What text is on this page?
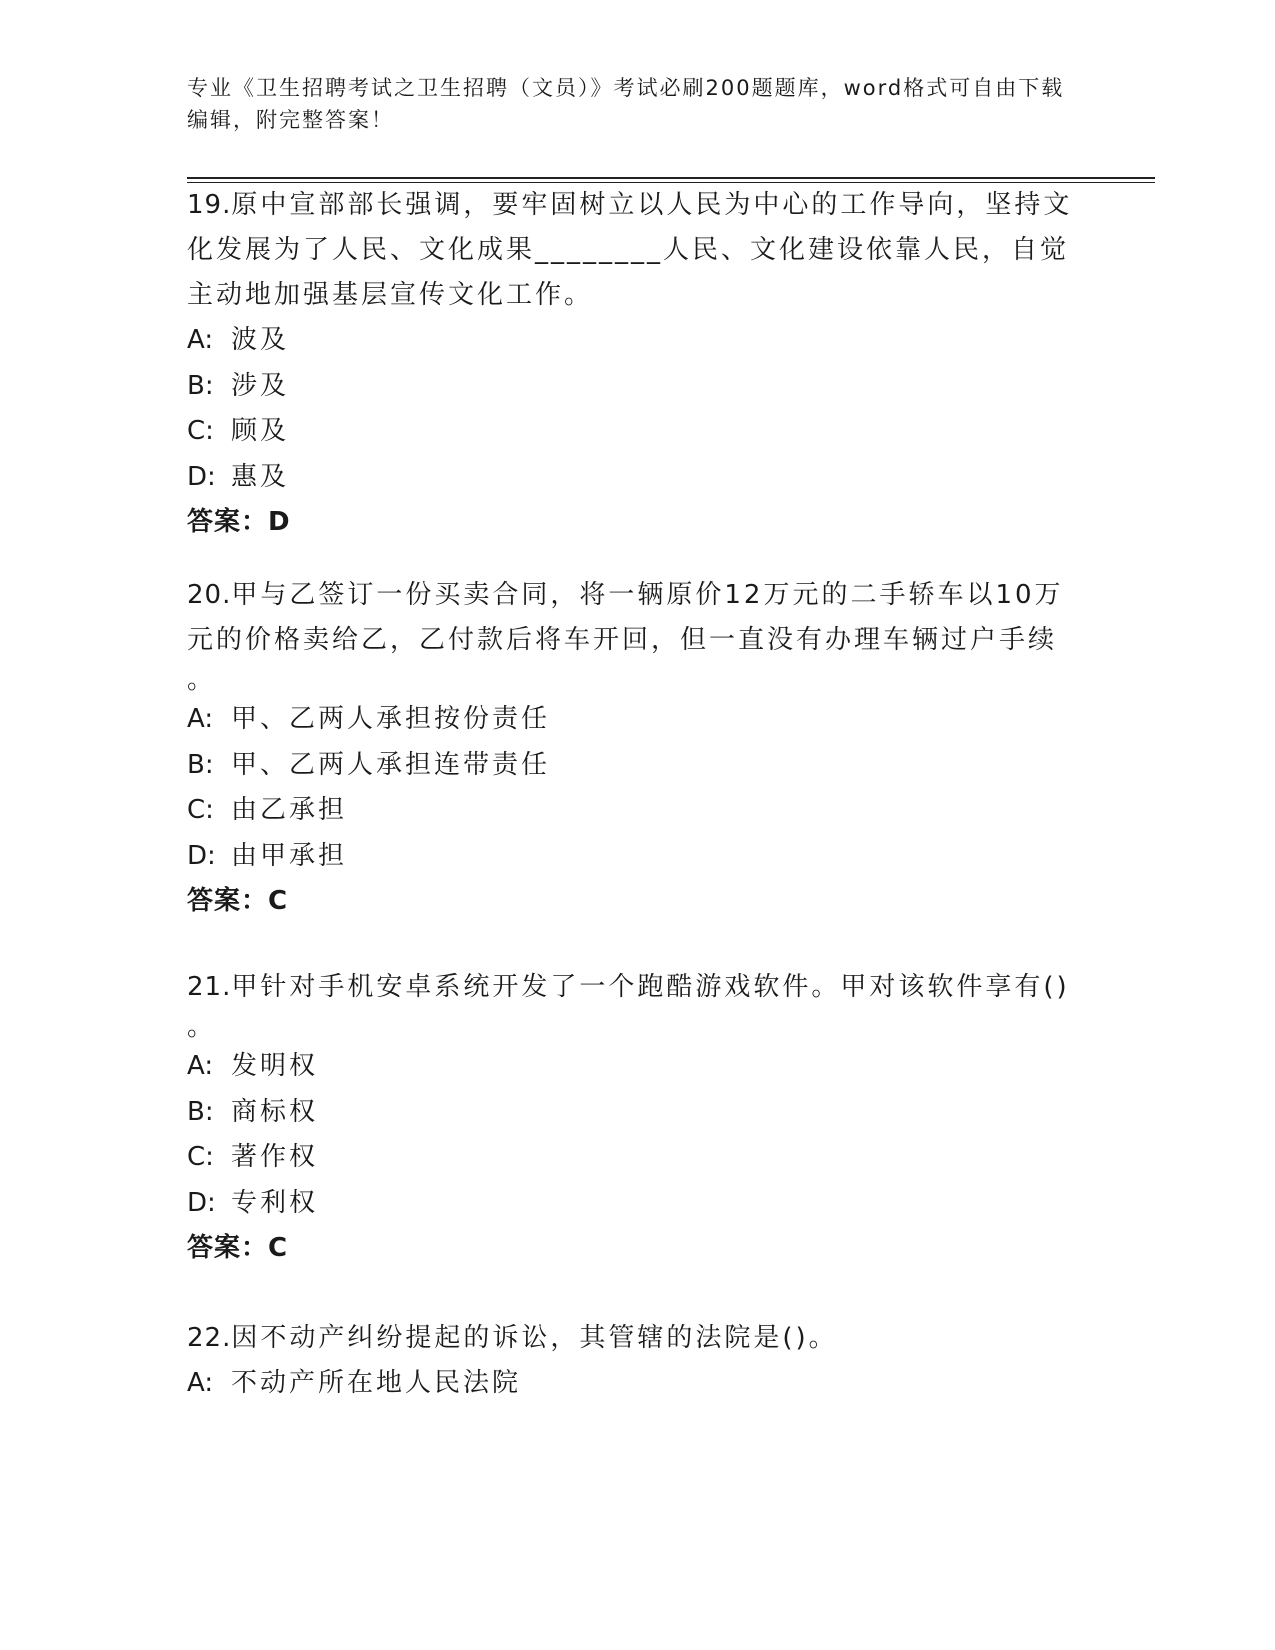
专业《卫生招聘考试之卫生招聘（文员）》考试必刷200题题库，word格式可自由下载编辑，附完整答案！
19.原中宣部部长强调，要牢固树立以人民为中心的工作导向，坚持文
化发展为了人民、文化成果________人民、文化建设依靠人民，自觉
主动地加强基层宣传文化工作。
A: 波及
B: 涉及
C: 顾及
D: 惠及
答案：D
20.甲与乙签订一份买卖合同，将一辆原价12万元的二手轿车以10万
元的价格卖给乙，乙付款后将车开回，但一直没有办理车辆过户手续
。
A: 甲、乙两人承担按份责任
B: 甲、乙两人承担连带责任
C: 由乙承担
D: 由甲承担
答案：C
21.甲针对手机安卓系统开发了一个跑酷游戏软件。甲对该软件享有()
。
A: 发明权
B: 商标权
C: 著作权
D: 专利权
答案：C
22.因不动产纠纷提起的诉讼，其管辖的法院是()。
A: 不动产所在地人民法院
